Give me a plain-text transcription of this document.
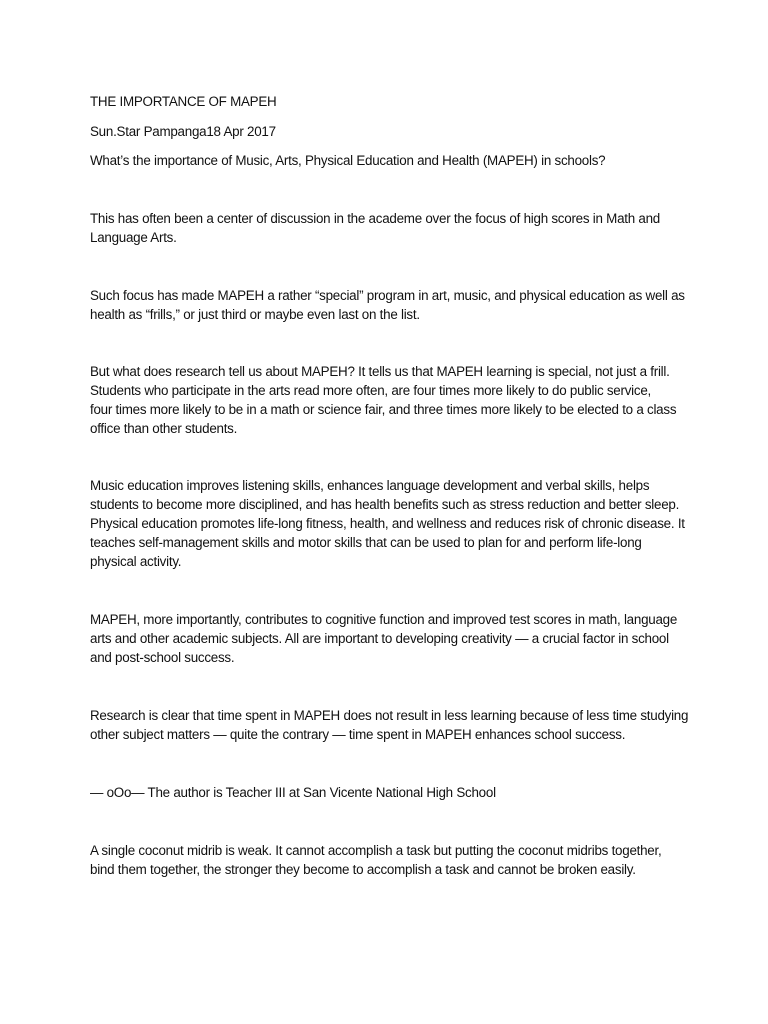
THE IMPORTANCE OF MAPEH
Sun.Star Pampanga18 Apr 2017
What’s the importance of Music, Arts, Physical Education and Health (MAPEH) in schools?
This has often been a center of discussion in the academe over the focus of high scores in Math and
Language Arts.
Such focus has made MAPEH a rather “special” program in art, music, and physical education as well as
health as “frills,” or just third or maybe even last on the list.
But what does research tell us about MAPEH? It tells us that MAPEH learning is special, not just a frill.
Students who participate in the arts read more often, are four times more likely to do public service,
four times more likely to be in a math or science fair, and three times more likely to be elected to a class
office than other students.
Music education improves listening skills, enhances language development and verbal skills, helps
students to become more disciplined, and has health benefits such as stress reduction and better sleep.
Physical education promotes life-long fitness, health, and wellness and reduces risk of chronic disease. It
teaches self-management skills and motor skills that can be used to plan for and perform life-long
physical activity.
MAPEH, more importantly, contributes to cognitive function and improved test scores in math, language
arts and other academic subjects. All are important to developing creativity — a crucial factor in school
and post-school success.
Research is clear that time spent in MAPEH does not result in less learning because of less time studying
other subject matters — quite the contrary — time spent in MAPEH enhances school success.
— oOo— The author is Teacher III at San Vicente National High School
A single coconut midrib is weak. It cannot accomplish a task but putting the coconut midribs together,
bind them together, the stronger they become to accomplish a task and cannot be broken easily.
